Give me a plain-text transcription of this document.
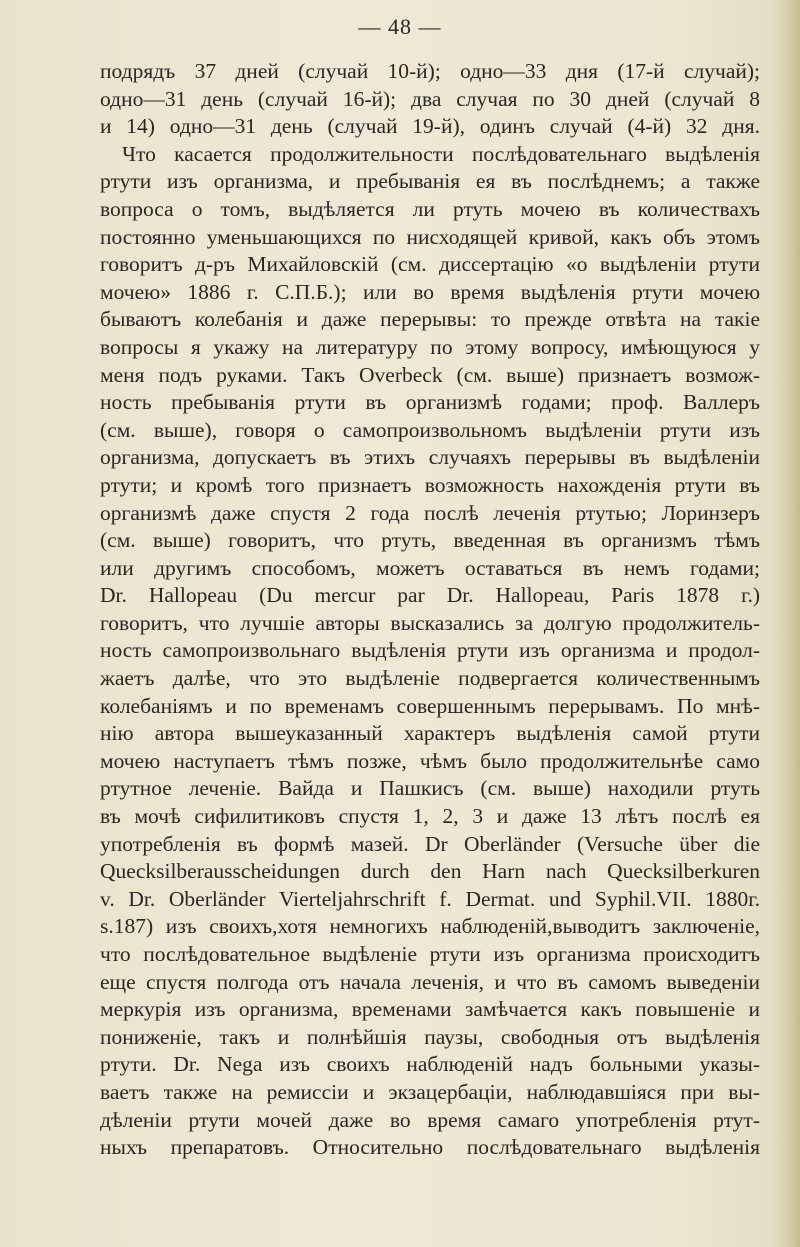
— 48 —
подрядъ 37 дней (случай 10-й); одно—33 дня (17-й случай);
одно—31 день (случай 16-й); два случая по 30 дней (случай 8
и 14) одно—31 день (случай 19-й), одинъ случай (4-й) 32 дня.
Что касается продолжительности послѣдовательнаго выдѣленія
ртути изъ организма, и пребыванія ея въ послѣднемъ; а также
вопроса о томъ, выдѣляется ли ртуть мочею въ количествахъ
постоянно уменьшающихся по нисходящей кривой, какъ объ этомъ
говоритъ д-ръ Михайловскій (см. диссертацію «о выдѣленіи ртути
мочею» 1886 г. С.П.Б.); или во время выдѣленія ртути мочею
бываютъ колебанія и даже перерывы: то прежде отвѣта на такіе
вопросы я укажу на литературу по этому вопросу, имѣющуюся у
меня подъ руками. Такъ Overbeck (см. выше) признаетъ возмож-
ность пребыванія ртути въ организмѣ годами; проф. Валлеръ
(см. выше), говоря о самопроизвольномъ выдѣленіи ртути изъ
организма, допускаетъ въ этихъ случаяхъ перерывы въ выдѣленіи
ртути; и кромѣ того признаетъ возможность нахожденія ртути въ
организмѣ даже спустя 2 года послѣ леченія ртутью; Лоринзеръ
(см. выше) говоритъ, что ртуть, введенная въ организмъ тѣмъ
или другимъ способомъ, можетъ оставаться въ немъ годами;
Dr. Hallopeau (Du mercur par Dr. Hallopeau, Paris 1878 г.)
говоритъ, что лучшіе авторы высказались за долгую продолжитель-
ность самопроизвольнаго выдѣленія ртути изъ организма и продол-
жаетъ далѣе, что это выдѣленіе подвергается количественнымъ
колебаніямъ и по временамъ совершеннымъ перерывамъ. По мнѣ-
нію автора вышеуказанный характеръ выдѣленія самой ртути
мочею наступаетъ тѣмъ позже, чѣмъ было продолжительнѣе само
ртутное леченіе. Вайда и Пашкисъ (см. выше) находили ртуть
въ мочѣ сифилитиковъ спустя 1, 2, 3 и даже 13 лѣтъ послѣ ея
употребленія въ формѣ мазей. Dr Oberländer (Versuche über die
Quecksilberaussсheidungen durch den Harn nach Quecksilberkuren
v. Dr. Oberländer Vierteljahrschrift f. Dermat. und Syphil.VII. 1880г.
s.187) изъ своихъ,хотя немногихъ наблюденій,выводитъ заключеніе,
что послѣдовательное выдѣленіе ртути изъ организма происходитъ
еще спустя полгода отъ начала леченія, и что въ самомъ выведеніи
меркурія изъ организма, временами замѣчается какъ повышеніе и
пониженіе, такъ и полнѣйшія паузы, свободныя отъ выдѣленія
ртути. Dr. Nega изъ своихъ наблюденій надъ больными указы-
ваетъ также на ремиссіи и экзацербаціи, наблюдавшіяся при вы-
дѣленіи ртути мочей даже во время самаго употребленія ртут-
ныхъ препаратовъ. Относительно послѣдовательнаго выдѣленія
